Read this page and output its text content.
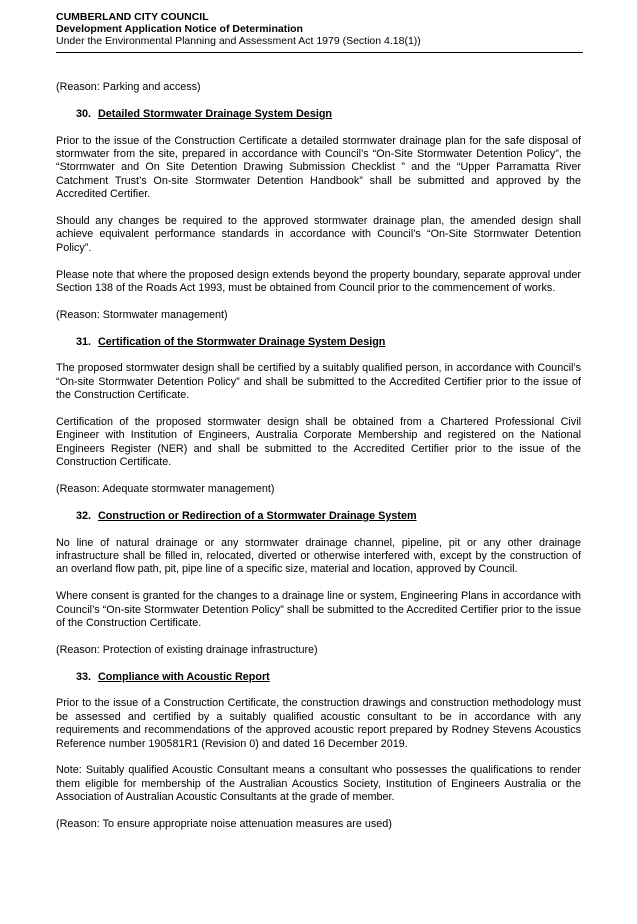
CUMBERLAND CITY COUNCIL
Development Application Notice of Determination
Under the Environmental Planning and Assessment Act 1979 (Section 4.18(1))

(Reason: Parking and access)

30. Detailed Stormwater Drainage System Design

Prior to the issue of the Construction Certificate a detailed stormwater drainage plan for the safe disposal of stormwater from the site, prepared in accordance with Council’s “On-Site Stormwater Detention Policy”, the “Stormwater and On Site Detention Drawing Submission Checklist ” and the “Upper Parramatta River Catchment Trust’s On-site Stormwater Detention Handbook” shall be submitted and approved by the Accredited Certifier.

Should any changes be required to the approved stormwater drainage plan, the amended design shall achieve equivalent performance standards in accordance with Council’s “On-Site Stormwater Detention Policy”.

Please note that where the proposed design extends beyond the property boundary, separate approval under Section 138 of the Roads Act 1993, must be obtained from Council prior to the commencement of works.

(Reason: Stormwater management)

31. Certification of the Stormwater Drainage System Design

The proposed stormwater design shall be certified by a suitably qualified person, in accordance with Council’s “On-site Stormwater Detention Policy” and shall be submitted to the Accredited Certifier prior to the issue of the Construction Certificate.

Certification of the proposed stormwater design shall be obtained from a Chartered Professional Civil Engineer with Institution of Engineers, Australia Corporate Membership and registered on the National Engineers Register (NER) and shall be submitted to the Accredited Certifier prior to the issue of the Construction Certificate.

(Reason: Adequate stormwater management)

32. Construction or Redirection of a Stormwater Drainage System

No line of natural drainage or any stormwater drainage channel, pipeline, pit or any other drainage infrastructure shall be filled in, relocated, diverted or otherwise interfered with, except by the construction of an overland flow path, pit, pipe line of a specific size, material and location, approved by Council.

Where consent is granted for the changes to a drainage line or system, Engineering Plans in accordance with Council’s “On-site Stormwater Detention Policy” shall be submitted to the Accredited Certifier prior to the issue of the Construction Certificate.

(Reason: Protection of existing drainage infrastructure)

33. Compliance with Acoustic Report

Prior to the issue of a Construction Certificate, the construction drawings and construction methodology must be assessed and certified by a suitably qualified acoustic consultant to be in accordance with any requirements and recommendations of the approved acoustic report prepared by Rodney Stevens Acoustics Reference number 190581R1 (Revision 0) and dated 16 December 2019.

Note: Suitably qualified Acoustic Consultant means a consultant who possesses the qualifications to render them eligible for membership of the Australian Acoustics Society, Institution of Engineers Australia or the Association of Australian Acoustic Consultants at the grade of member.

(Reason: To ensure appropriate noise attenuation measures are used)
